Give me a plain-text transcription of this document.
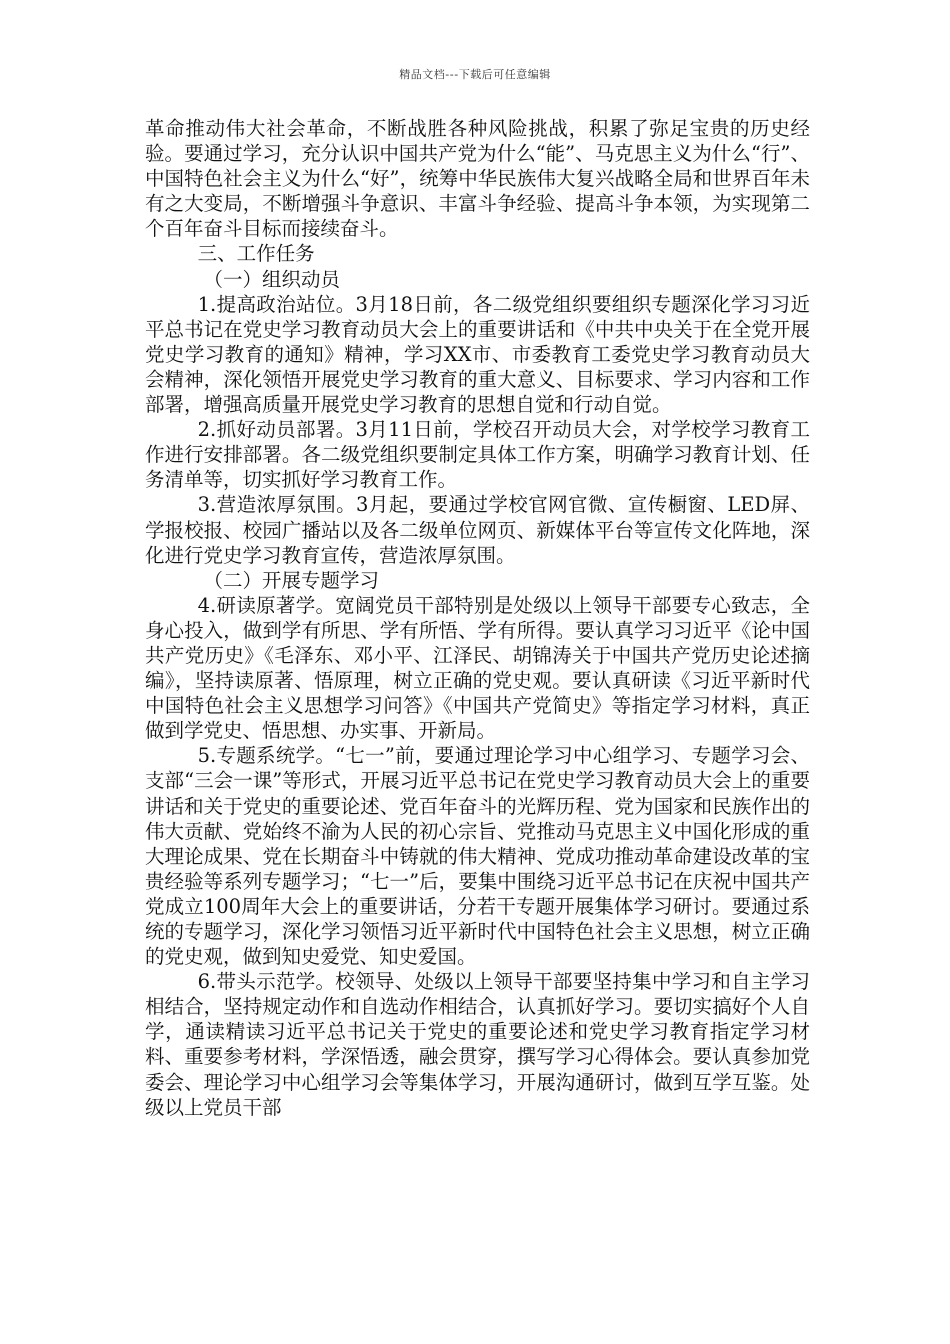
精品文档---下载后可任意编辑

革命推动伟大社会革命，不断战胜各种风险挑战，积累了弥足宝贵的历史经验。要通过学习，充分认识中国共产党为什么“能”、马克思主义为什么“行”、中国特色社会主义为什么“好”，统筹中华民族伟大复兴战略全局和世界百年未有之大变局，不断增强斗争意识、丰富斗争经验、提高斗争本领，为实现第二个百年奋斗目标而接续奋斗。

三、工作任务

（一）组织动员

1.提高政治站位。3月18日前，各二级党组织要组织专题深化学习习近平总书记在党史学习教育动员大会上的重要讲话和《中共中央关于在全党开展党史学习教育的通知》精神，学习XX市、市委教育工委党史学习教育动员大会精神，深化领悟开展党史学习教育的重大意义、目标要求、学习内容和工作部署，增强高质量开展党史学习教育的思想自觉和行动自觉。

2.抓好动员部署。3月11日前，学校召开动员大会，对学校学习教育工作进行安排部署。各二级党组织要制定具体工作方案，明确学习教育计划、任务清单等，切实抓好学习教育工作。

3.营造浓厚氛围。3月起，要通过学校官网官微、宣传橱窗、LED屏、学报校报、校园广播站以及各二级单位网页、新媒体平台等宣传文化阵地，深化进行党史学习教育宣传，营造浓厚氛围。

（二）开展专题学习

4.研读原著学。宽阔党员干部特别是处级以上领导干部要专心致志，全身心投入，做到学有所思、学有所悟、学有所得。要认真学习习近平《论中国共产党历史》《毛泽东、邓小平、江泽民、胡锦涛关于中国共产党历史论述摘编》，坚持读原著、悟原理，树立正确的党史观。要认真研读《习近平新时代中国特色社会主义思想学习问答》《中国共产党简史》等指定学习材料，真正做到学党史、悟思想、办实事、开新局。

5.专题系统学。“七一”前，要通过理论学习中心组学习、专题学习会、支部“三会一课”等形式，开展习近平总书记在党史学习教育动员大会上的重要讲话和关于党史的重要论述、党百年奋斗的光辉历程、党为国家和民族作出的伟大贡献、党始终不渝为人民的初心宗旨、党推动马克思主义中国化形成的重大理论成果、党在长期奋斗中铸就的伟大精神、党成功推动革命建设改革的宝贵经验等系列专题学习；“七一”后，要集中围绕习近平总书记在庆祝中国共产党成立100周年大会上的重要讲话，分若干专题开展集体学习研讨。要通过系统的专题学习，深化学习领悟习近平新时代中国特色社会主义思想，树立正确的党史观，做到知史爱党、知史爱国。

6.带头示范学。校领导、处级以上领导干部要坚持集中学习和自主学习相结合，坚持规定动作和自选动作相结合，认真抓好学习。要切实搞好个人自学，通读精读习近平总书记关于党史的重要论述和党史学习教育指定学习材料、重要参考材料，学深悟透，融会贯穿，撰写学习心得体会。要认真参加党委会、理论学习中心组学习会等集体学习，开展沟通研讨，做到互学互鉴。处级以上党员干部
